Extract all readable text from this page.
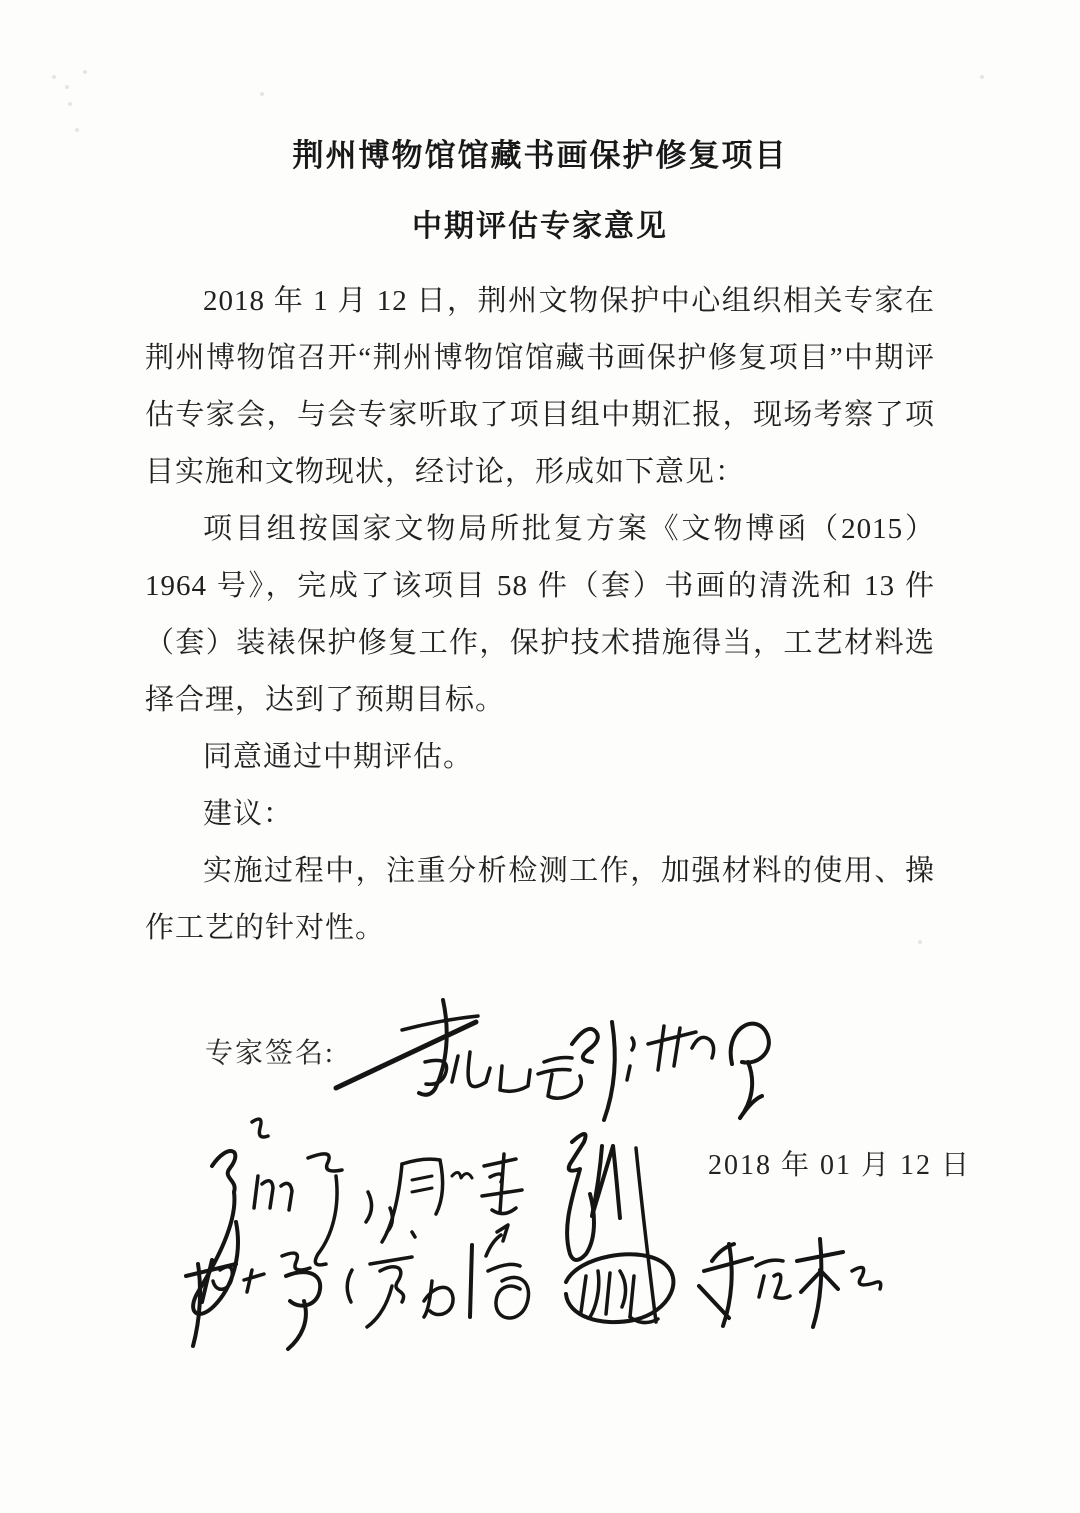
荆州博物馆馆藏书画保护修复项目
中期评估专家意见

2018 年 1 月 12 日，荆州文物保护中心组织相关专家在荆州博物馆召开“荆州博物馆馆藏书画保护修复项目”中期评估专家会，与会专家听取了项目组中期汇报，现场考察了项目实施和文物现状，经讨论，形成如下意见：

项目组按国家文物局所批复方案《文物博函（2015）1964 号》，完成了该项目 58 件（套）书画的清洗和 13 件（套）装裱保护修复工作，保护技术措施得当，工艺材料选择合理，达到了预期目标。

同意通过中期评估。

建议：

实施过程中，注重分析检测工作，加强材料的使用、操作工艺的针对性。

专家签名:
2018 年 01 月 12 日
